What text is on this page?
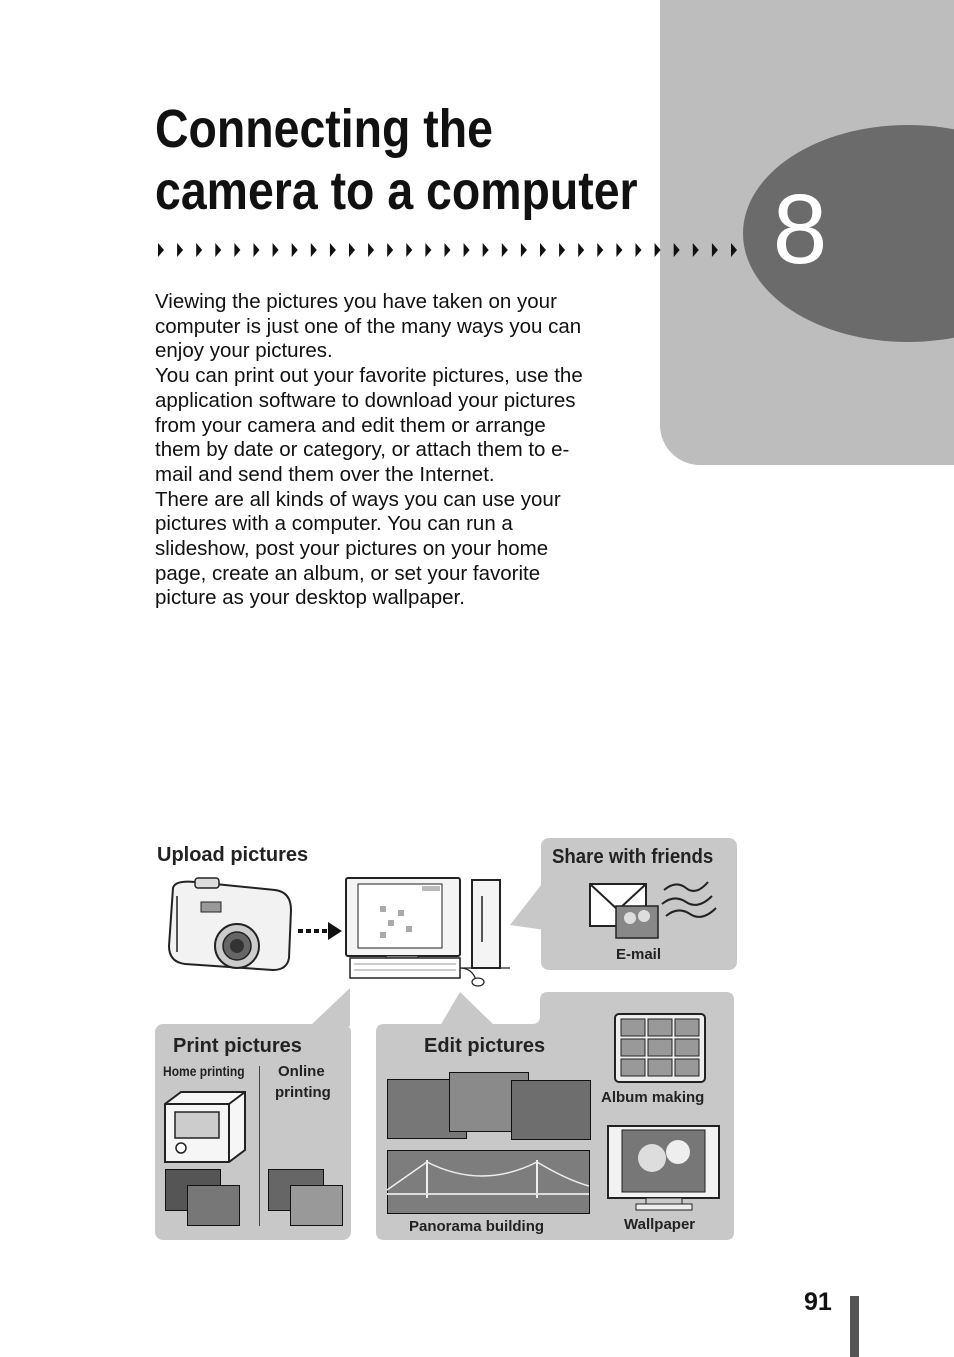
8
Connecting the
camera to a computer

Viewing the pictures you have taken on your computer is just one of the many ways you can enjoy your pictures.

You can print out your favorite pictures, use the application software to download your pictures from your camera and edit them or arrange them by date or category, or attach them to e-mail and send them over the Internet.

There are all kinds of ways you can use your pictures with a computer. You can run a slideshow, post your pictures on your home page, create an album, or set your favorite picture as your desktop wallpaper.

Upload pictures	Share with friends
E-mail
Print pictures
Home printing Online
printing
Edit pictures
Album making
Panorama building	Wallpaper
91
